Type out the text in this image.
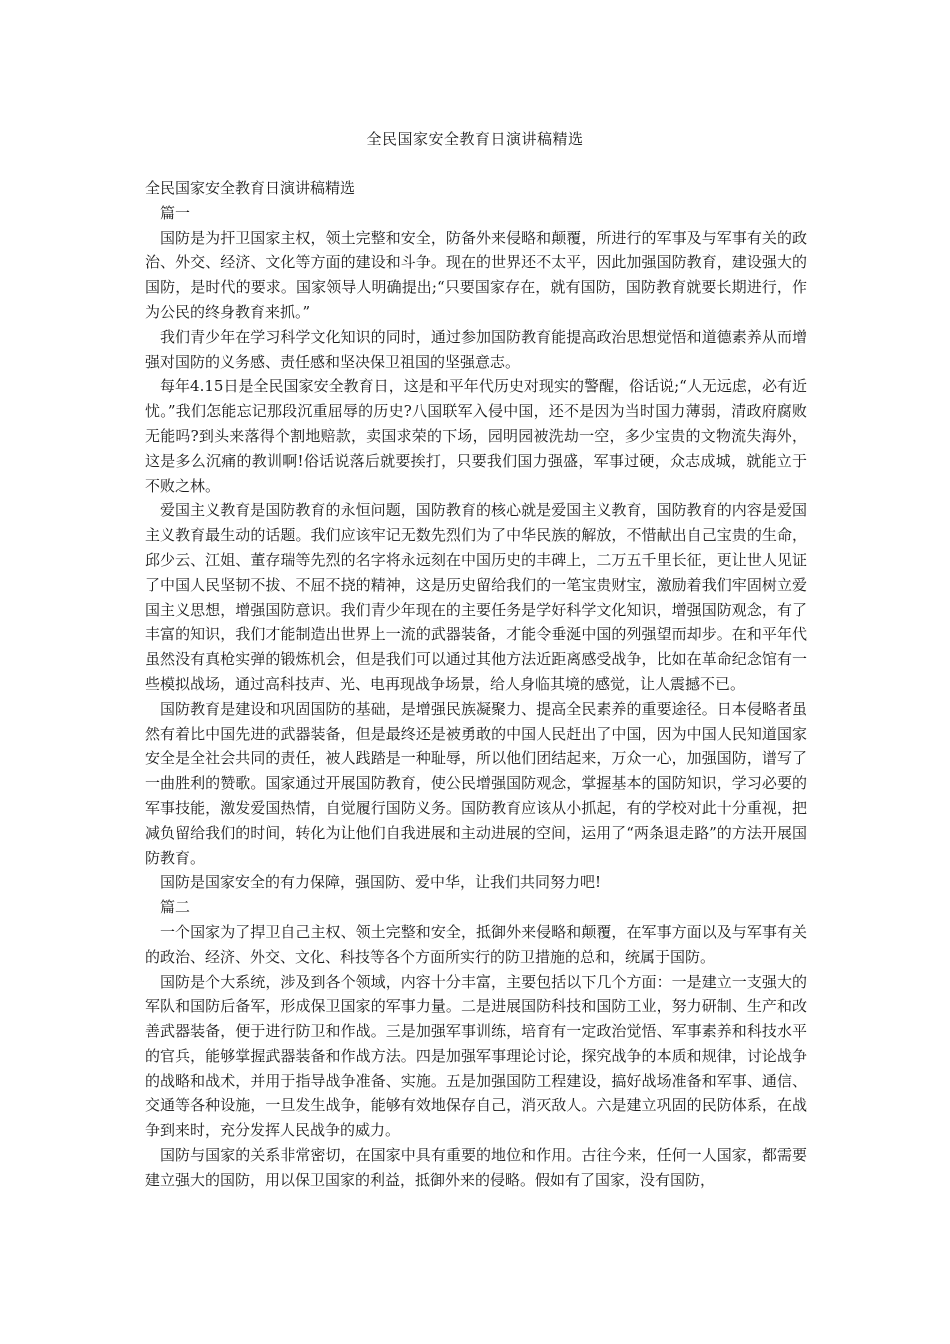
全民国家安全教育日演讲稿精选

全民国家安全教育日演讲稿精选

篇一

国防是为扞卫国家主权，领土完整和安全，防备外来侵略和颠覆，所进行的军事及与军事有关的政治、外交、经济、文化等方面的建设和斗争。现在的世界还不太平，因此加强国防教育，建设强大的国防，是时代的要求。国家领导人明确提出;“只要国家存在，就有国防，国防教育就要长期进行，作为公民的终身教育来抓。”

我们青少年在学习科学文化知识的同时，通过参加国防教育能提高政治思想觉悟和道德素养从而增强对国防的义务感、责任感和坚决保卫祖国的坚强意志。

每年4.15日是全民国家安全教育日，这是和平年代历史对现实的警醒，俗话说;“人无远虑，必有近忧。”我们怎能忘记那段沉重屈辱的历史?八国联军入侵中国，还不是因为当时国力薄弱，清政府腐败无能吗?到头来落得个割地赔款，卖国求荣的下场，园明园被洗劫一空，多少宝贵的文物流失海外，这是多么沉痛的教训啊!俗话说落后就要挨打，只要我们国力强盛，军事过硬，众志成城，就能立于不败之林。

爱国主义教育是国防教育的永恒问题，国防教育的核心就是爱国主义教育，国防教育的内容是爱国主义教育最生动的话题。我们应该牢记无数先烈们为了中华民族的解放，不惜献出自己宝贵的生命，邱少云、江姐、董存瑞等先烈的名字将永远刻在中国历史的丰碑上，二万五千里长征，更让世人见证了中国人民坚韧不拔、不屈不挠的精神，这是历史留给我们的一笔宝贵财宝，激励着我们牢固树立爱国主义思想，增强国防意识。我们青少年现在的主要任务是学好科学文化知识，增强国防观念，有了丰富的知识，我们才能制造出世界上一流的武器装备，才能令垂涎中国的列强望而却步。在和平年代虽然没有真枪实弹的锻炼机会，但是我们可以通过其他方法近距离感受战争，比如在革命纪念馆有一些模拟战场，通过高科技声、光、电再现战争场景，给人身临其境的感觉，让人震撼不已。

国防教育是建设和巩固国防的基础，是增强民族凝聚力、提高全民素养的重要途径。日本侵略者虽然有着比中国先进的武器装备，但是最终还是被勇敢的中国人民赶出了中国，因为中国人民知道国家安全是全社会共同的责任，被人践踏是一种耻辱，所以他们团结起来，万众一心，加强国防，谱写了一曲胜利的赞歌。国家通过开展国防教育，使公民增强国防观念，掌握基本的国防知识，学习必要的军事技能，激发爱国热情，自觉履行国防义务。国防教育应该从小抓起，有的学校对此十分重视，把减负留给我们的时间，转化为让他们自我进展和主动进展的空间，运用了“两条退走路”的方法开展国防教育。

国防是国家安全的有力保障，强国防、爱中华，让我们共同努力吧!

篇二

一个国家为了捍卫自己主权、领土完整和安全，抵御外来侵略和颠覆，在军事方面以及与军事有关的政治、经济、外交、文化、科技等各个方面所实行的防卫措施的总和，统属于国防。

国防是个大系统，涉及到各个领域，内容十分丰富，主要包括以下几个方面：一是建立一支强大的军队和国防后备军，形成保卫国家的军事力量。二是进展国防科技和国防工业，努力研制、生产和改善武器装备，便于进行防卫和作战。三是加强军事训练，培育有一定政治觉悟、军事素养和科技水平的官兵，能够掌握武器装备和作战方法。四是加强军事理论讨论，探究战争的本质和规律，讨论战争的战略和战术，并用于指导战争准备、实施。五是加强国防工程建设，搞好战场准备和军事、通信、交通等各种设施，一旦发生战争，能够有效地保存自己，消灭敌人。六是建立巩固的民防体系，在战争到来时，充分发挥人民战争的威力。

国防与国家的关系非常密切，在国家中具有重要的地位和作用。古往今来，任何一人国家，都需要建立强大的国防，用以保卫国家的利益，抵御外来的侵略。假如有了国家，没有国防，
